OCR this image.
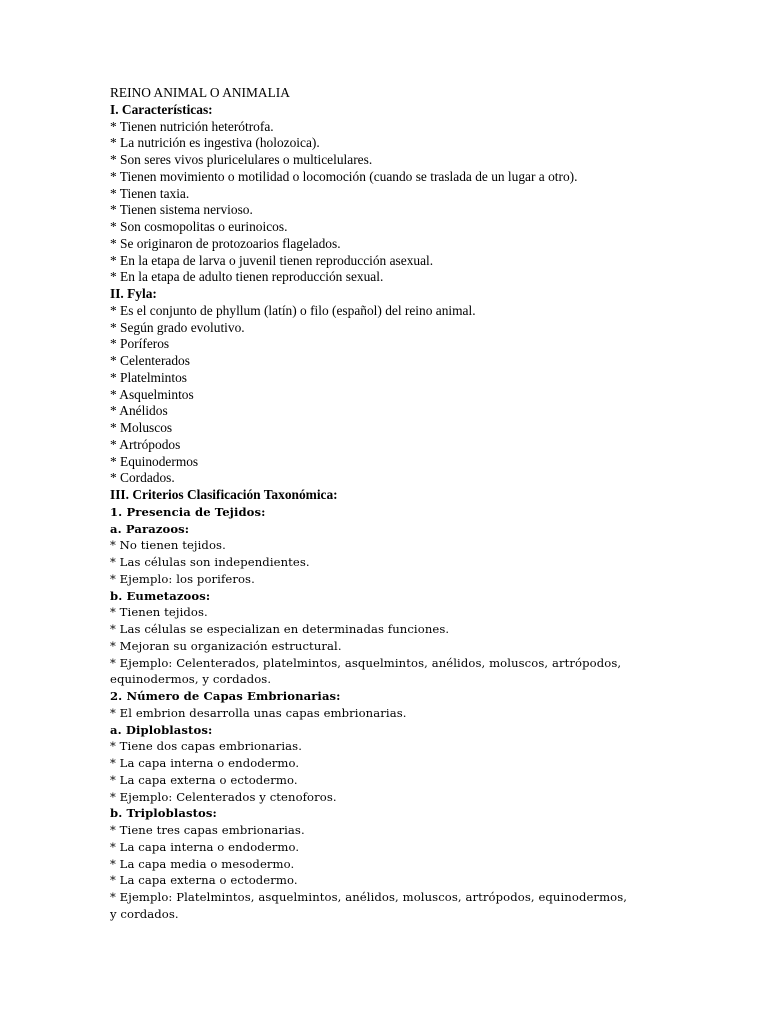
REINO ANIMAL O ANIMALIA
I. Características:
* Tienen nutrición heterótrofa.
* La nutrición es ingestiva (holozoica).
* Son seres vivos pluricelulares o multicelulares.
* Tienen movimiento o motilidad o locomoción (cuando se traslada de un lugar a otro).
* Tienen taxia.
* Tienen sistema nervioso.
* Son cosmopolitas o eurinoicos.
* Se originaron de protozoarios flagelados.
* En la etapa de larva o juvenil tienen reproducción asexual.
* En la etapa de adulto tienen reproducción sexual.
II. Fyla:
* Es el conjunto de phyllum (latín) o filo (español) del reino animal.
* Según grado evolutivo.
* Poríferos
* Celenterados
* Platelmintos
* Asquelmintos
* Anélidos
* Moluscos
* Artrópodos
* Equinodermos
* Cordados.
III. Criterios Clasificación Taxonómica:
1. Presencia de Tejidos:
a. Parazoos:
* No tienen tejidos.
* Las células son independientes.
* Ejemplo: los poriferos.
b. Eumetazoos:
* Tienen tejidos.
* Las células se especializan en determinadas funciones.
* Mejoran su organización estructural.
* Ejemplo: Celenterados, platelmintos, asquelmintos, anélidos, moluscos, artrópodos,
equinodermos, y cordados.
2. Número de Capas Embrionarias:
* El embrion desarrolla unas capas embrionarias.
a. Diploblastos:
* Tiene dos capas embrionarias.
* La capa interna o endodermo.
* La capa externa o ectodermo.
* Ejemplo: Celenterados y ctenoforos.
b. Triploblastos:
* Tiene tres capas embrionarias.
* La capa interna o endodermo.
* La capa media o mesodermo.
* La capa externa o ectodermo.
* Ejemplo: Platelmintos, asquelmintos, anélidos, moluscos, artrópodos, equinodermos,
y cordados.
